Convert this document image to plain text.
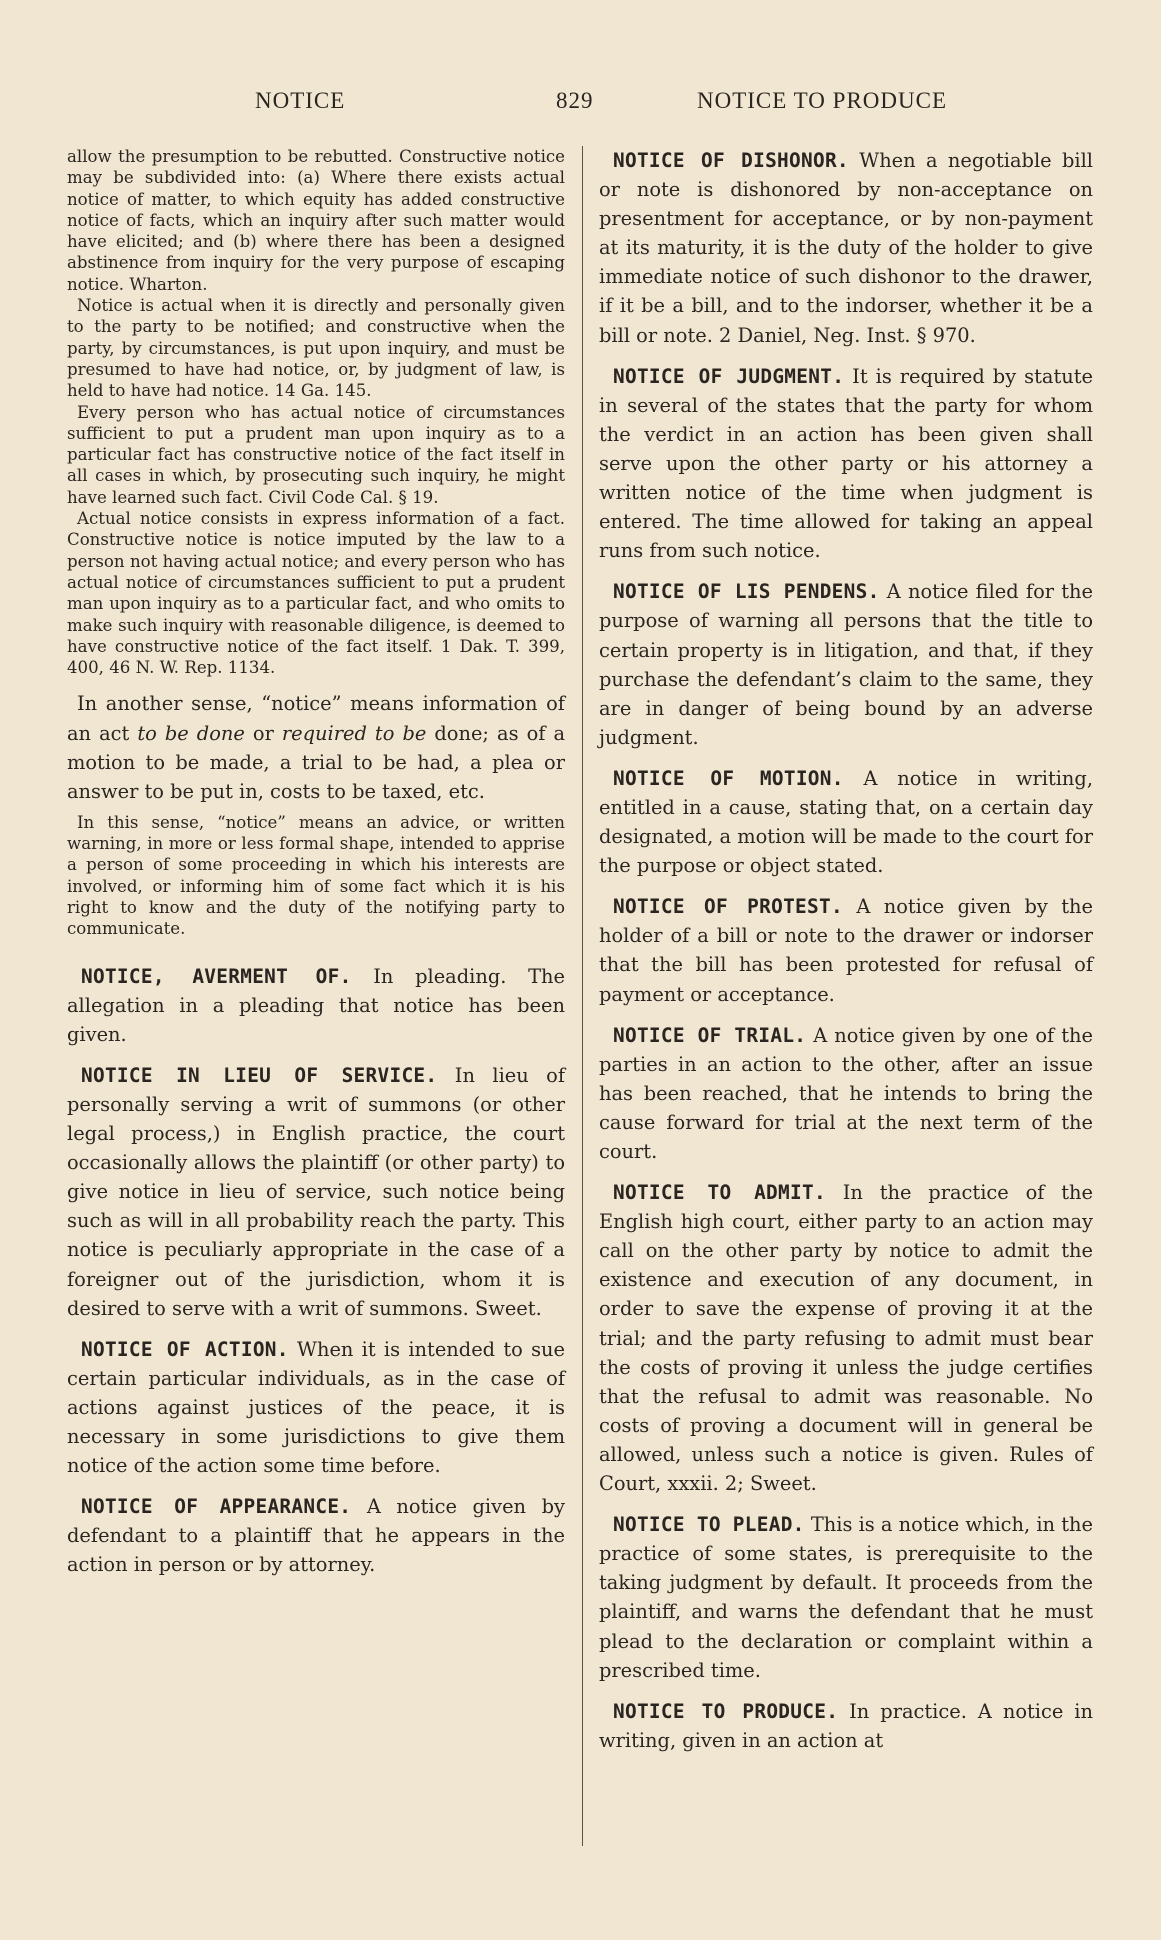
NOTICE	829	NOTICE TO PRODUCE

allow the presumption to be rebutted. Constructive notice may be subdivided into: (a) Where there exists actual notice of matter, to which equity has added constructive notice of facts, which an inquiry after such matter would have elicited; and (b) where there has been a designed abstinence from inquiry for the very purpose of escaping notice. Wharton.

Notice is actual when it is directly and personally given to the party to be notified; and constructive when the party, by circumstances, is put upon inquiry, and must be presumed to have had notice, or, by judgment of law, is held to have had notice. 14 Ga. 145.

Every person who has actual notice of circumstances sufficient to put a prudent man upon inquiry as to a particular fact has constructive notice of the fact itself in all cases in which, by prosecuting such inquiry, he might have learned such fact. Civil Code Cal. § 19.

Actual notice consists in express information of a fact. Constructive notice is notice imputed by the law to a person not having actual notice; and every person who has actual notice of circumstances sufficient to put a prudent man upon inquiry as to a particular fact, and who omits to make such inquiry with reasonable diligence, is deemed to have constructive notice of the fact itself. 1 Dak. T. 399, 400, 46 N. W. Rep. 1134.

In another sense, “notice” means information of an act to be done or required to be done; as of a motion to be made, a trial to be had, a plea or answer to be put in, costs to be taxed, etc.

In this sense, “notice” means an advice, or written warning, in more or less formal shape, intended to apprise a person of some proceeding in which his interests are involved, or informing him of some fact which it is his right to know and the duty of the notifying party to communicate.

NOTICE, AVERMENT OF. In pleading. The allegation in a pleading that notice has been given.

NOTICE IN LIEU OF SERVICE. In lieu of personally serving a writ of summons (or other legal process,) in English practice, the court occasionally allows the plaintiff (or other party) to give notice in lieu of service, such notice being such as will in all probability reach the party. This notice is peculiarly appropriate in the case of a foreigner out of the jurisdiction, whom it is desired to serve with a writ of summons. Sweet.

NOTICE OF ACTION. When it is intended to sue certain particular individuals, as in the case of actions against justices of the peace, it is necessary in some jurisdictions to give them notice of the action some time before.

NOTICE OF APPEARANCE. A notice given by defendant to a plaintiff that he appears in the action in person or by attorney.

NOTICE OF DISHONOR. When a negotiable bill or note is dishonored by non-acceptance on presentment for acceptance, or by non-payment at its maturity, it is the duty of the holder to give immediate notice of such dishonor to the drawer, if it be a bill, and to the indorser, whether it be a bill or note. 2 Daniel, Neg. Inst. § 970.

NOTICE OF JUDGMENT. It is required by statute in several of the states that the party for whom the verdict in an action has been given shall serve upon the other party or his attorney a written notice of the time when judgment is entered. The time allowed for taking an appeal runs from such notice.

NOTICE OF LIS PENDENS. A notice filed for the purpose of warning all persons that the title to certain property is in litigation, and that, if they purchase the defendant’s claim to the same, they are in danger of being bound by an adverse judgment.

NOTICE OF MOTION. A notice in writing, entitled in a cause, stating that, on a certain day designated, a motion will be made to the court for the purpose or object stated.

NOTICE OF PROTEST. A notice given by the holder of a bill or note to the drawer or indorser that the bill has been protested for refusal of payment or acceptance.

NOTICE OF TRIAL. A notice given by one of the parties in an action to the other, after an issue has been reached, that he intends to bring the cause forward for trial at the next term of the court.

NOTICE TO ADMIT. In the practice of the English high court, either party to an action may call on the other party by notice to admit the existence and execution of any document, in order to save the expense of proving it at the trial; and the party refusing to admit must bear the costs of proving it unless the judge certifies that the refusal to admit was reasonable. No costs of proving a document will in general be allowed, unless such a notice is given. Rules of Court, xxxii. 2; Sweet.

NOTICE TO PLEAD. This is a notice which, in the practice of some states, is prerequisite to the taking judgment by default. It proceeds from the plaintiff, and warns the defendant that he must plead to the declaration or complaint within a prescribed time.

NOTICE TO PRODUCE. In practice. A notice in writing, given in an action at
